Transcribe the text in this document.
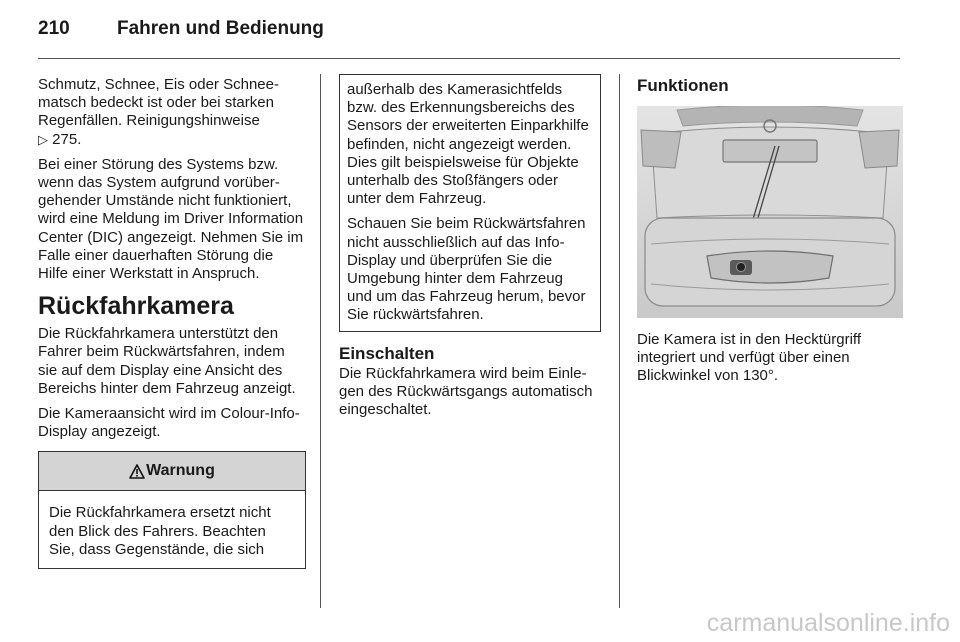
210 Fahren und Bedienung

Schmutz, Schnee, Eis oder Schneematsch bedeckt ist oder bei starken Regenfällen. Reinigungshinweise
▷ 275.

Bei einer Störung des Systems bzw. wenn das System aufgrund vorübergehender Umstände nicht funktioniert, wird eine Meldung im Driver Information Center (DIC) angezeigt. Nehmen Sie im Falle einer dauerhaften Störung die Hilfe einer Werkstatt in Anspruch.

Rückfahrkamera

Die Rückfahrkamera unterstützt den Fahrer beim Rückwärtsfahren, indem sie auf dem Display eine Ansicht des Bereichs hinter dem Fahrzeug anzeigt.

Die Kameraansicht wird im Colour-Info-Display angezeigt.

Warnung
Die Rückfahrkamera ersetzt nicht den Blick des Fahrers. Beachten Sie, dass Gegenstände, die sich

außerhalb des Kamerasichtfelds bzw. des Erkennungsbereichs des Sensors der erweiterten Einparkhilfe befinden, nicht angezeigt werden. Dies gilt beispielsweise für Objekte unterhalb des Stoßfängers oder unter dem Fahrzeug.

Schauen Sie beim Rückwärtsfahren nicht ausschließlich auf das Info-Display und überprüfen Sie die Umgebung hinter dem Fahrzeug und um das Fahrzeug herum, bevor Sie rückwärtsfahren.

Einschalten

Die Rückfahrkamera wird beim Einlegen des Rückwärtsgangs automatisch eingeschaltet.

Funktionen

Die Kamera ist in den Hecktürgriff integriert und verfügt über einen Blickwinkel von 130°.

carmanualsonline.info
